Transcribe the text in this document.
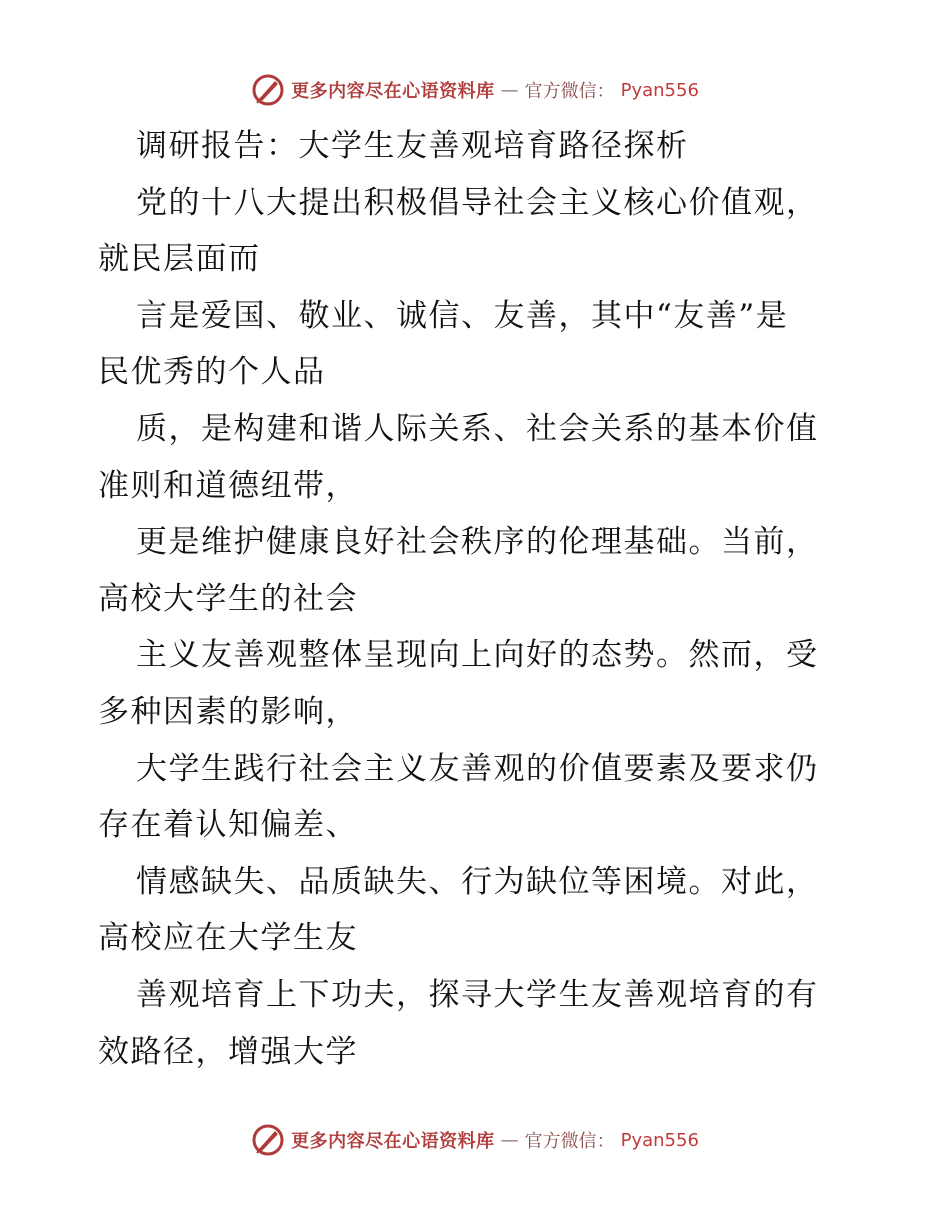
更多内容尽在心语资料库 — 官方微信： Pyan556
调研报告：大学生友善观培育路径探析
党的十八大提出积极倡导社会主义核心价值观，
就民层面而
言是爱国、敬业、诚信、友善，其中“友善”是
民优秀的个人品
质，是构建和谐人际关系、社会关系的基本价值
准则和道德纽带，
更是维护健康良好社会秩序的伦理基础。当前，
高校大学生的社会
主义友善观整体呈现向上向好的态势。然而，受
多种因素的影响，
大学生践行社会主义友善观的价值要素及要求仍
存在着认知偏差、
情感缺失、品质缺失、行为缺位等困境。对此，
高校应在大学生友
善观培育上下功夫，探寻大学生友善观培育的有
效路径，增强大学
更多内容尽在心语资料库 — 官方微信： Pyan556
